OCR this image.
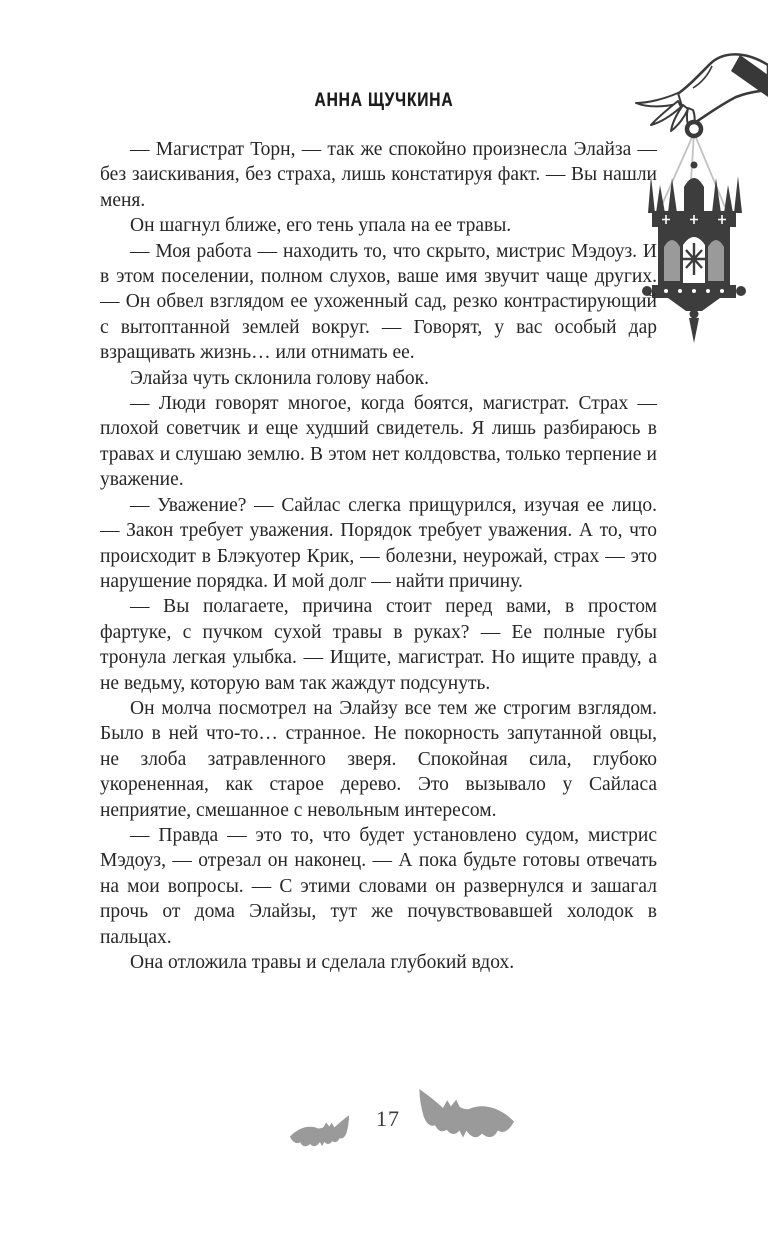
АННА ЩУЧКИНА

— Магистрат Торн, — так же спокойно произнесла Элайза — без заискивания, без страха, лишь констатируя факт. — Вы нашли меня.

Он шагнул ближе, его тень упала на ее травы.

— Моя работа — находить то, что скрыто, мистрис Мэдоуз. И в этом поселении, полном слухов, ваше имя звучит чаще других. — Он обвел взглядом ее ухоженный сад, резко контрастирующий с вытоптанной землей вокруг. — Говорят, у вас особый дар взращивать жизнь… или отнимать ее.

Элайза чуть склонила голову набок.

— Люди говорят многое, когда боятся, магистрат. Страх — плохой советчик и еще худший свидетель. Я лишь разбираюсь в травах и слушаю землю. В этом нет колдовства, только терпение и уважение.

— Уважение? — Сайлас слегка прищурился, изучая ее лицо. — Закон требует уважения. Порядок требует уважения. А то, что происходит в Блэкуотер Крик, — болезни, неурожай, страх — это нарушение порядка. И мой долг — найти причину.

— Вы полагаете, причина стоит перед вами, в простом фартуке, с пучком сухой травы в руках? — Ее полные губы тронула легкая улыбка. — Ищите, магистрат. Но ищите правду, а не ведьму, которую вам так жаждут подсунуть.

Он молча посмотрел на Элайзу все тем же строгим взглядом. Было в ней что-то… странное. Не покорность запутанной овцы, не злоба затравленного зверя. Спокойная сила, глубоко укорененная, как старое дерево. Это вызывало у Сайласа неприятие, смешанное с невольным интересом.

— Правда — это то, что будет установлено судом, мистрис Мэдоуз, — отрезал он наконец. — А пока будьте готовы отвечать на мои вопросы. — С этими словами он развернулся и зашагал прочь от дома Элайзы, тут же почувствовавшей холодок в пальцах.

Она отложила травы и сделала глубокий вдох.

17
